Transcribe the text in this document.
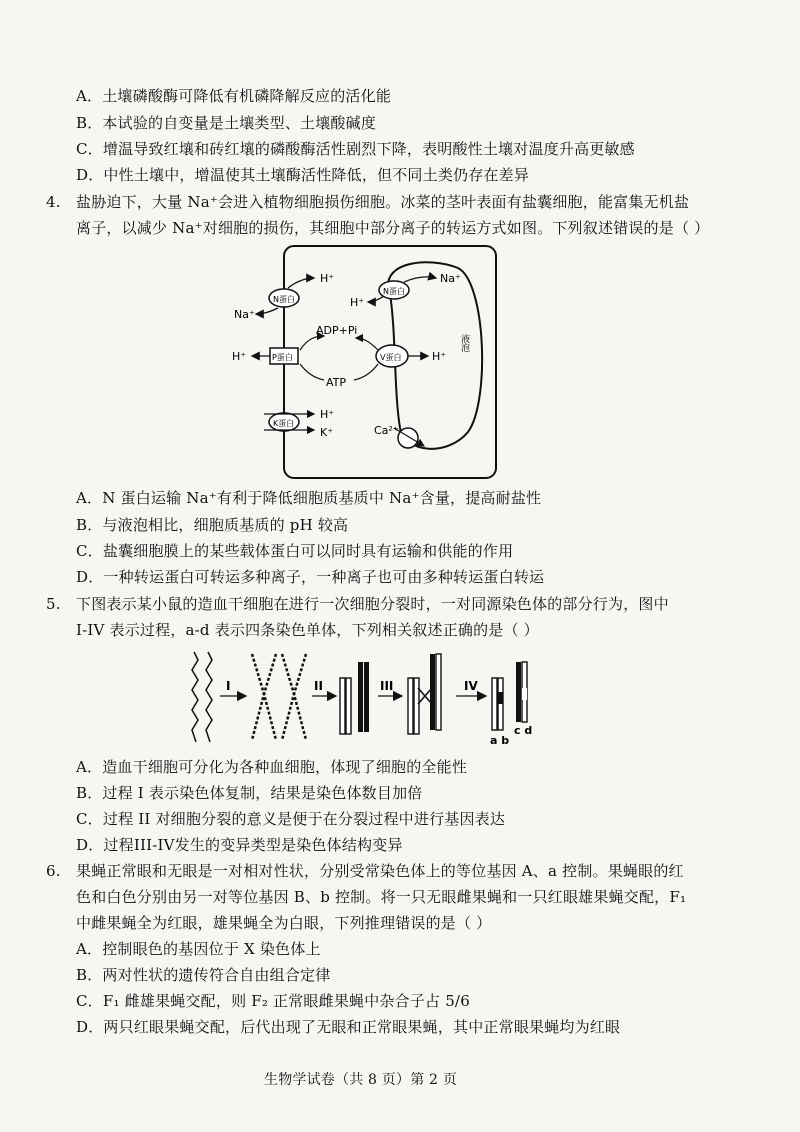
A．土壤磷酸酶可降低有机磷降解反应的活化能
B．本试验的自变量是土壤类型、土壤酸碱度
C．增温导致红壤和砖红壤的磷酸酶活性剧烈下降，表明酸性土壤对温度升高更敏感
D．中性土壤中，增温使其土壤酶活性降低，但不同土类仍存在差异
4. 盐胁迫下，大量 Na⁺会进入植物细胞损伤细胞。冰菜的茎叶表面有盐囊细胞，能富集无机盐
离子，以减少 Na⁺对细胞的损伤，其细胞中部分离子的转运方式如图。下列叙述错误的是（ ）
液泡
N蛋白
H⁺
Na⁺
N蛋白
H⁺
Na⁺
P蛋白
H⁺
ADP+Pi
ATP
V蛋白	H⁺
K蛋白
H⁺
K⁺	Ca²⁺
A．N 蛋白运输 Na⁺有利于降低细胞质基质中 Na⁺含量，提高耐盐性
B．与液泡相比，细胞质基质的 pH 较高
C．盐囊细胞膜上的某些载体蛋白可以同时具有运输和供能的作用
D．一种转运蛋白可转运多种离子，一种离子也可由多种转运蛋白转运
5. 下图表示某小鼠的造血干细胞在进行一次细胞分裂时，一对同源染色体的部分行为，图中
I-IV 表示过程，a-d 表示四条染色单体，下列相关叙述正确的是（ ）
I	II	III	IV
a b
c d
A．造血干细胞可分化为各种血细胞，体现了细胞的全能性
B．过程 I 表示染色体复制，结果是染色体数目加倍
C．过程 II 对细胞分裂的意义是便于在分裂过程中进行基因表达
D．过程III-IV发生的变异类型是染色体结构变异
6. 果蝇正常眼和无眼是一对相对性状，分别受常染色体上的等位基因 A、a 控制。果蝇眼的红
色和白色分别由另一对等位基因 B、b 控制。将一只无眼雌果蝇和一只红眼雄果蝇交配，F₁
中雌果蝇全为红眼，雄果蝇全为白眼，下列推理错误的是（ ）
A．控制眼色的基因位于 X 染色体上
B．两对性状的遗传符合自由组合定律
C．F₁ 雌雄果蝇交配，则 F₂ 正常眼雌果蝇中杂合子占 5/6
D．两只红眼果蝇交配，后代出现了无眼和正常眼果蝇，其中正常眼果蝇均为红眼
生物学试卷（共 8 页）第 2 页
